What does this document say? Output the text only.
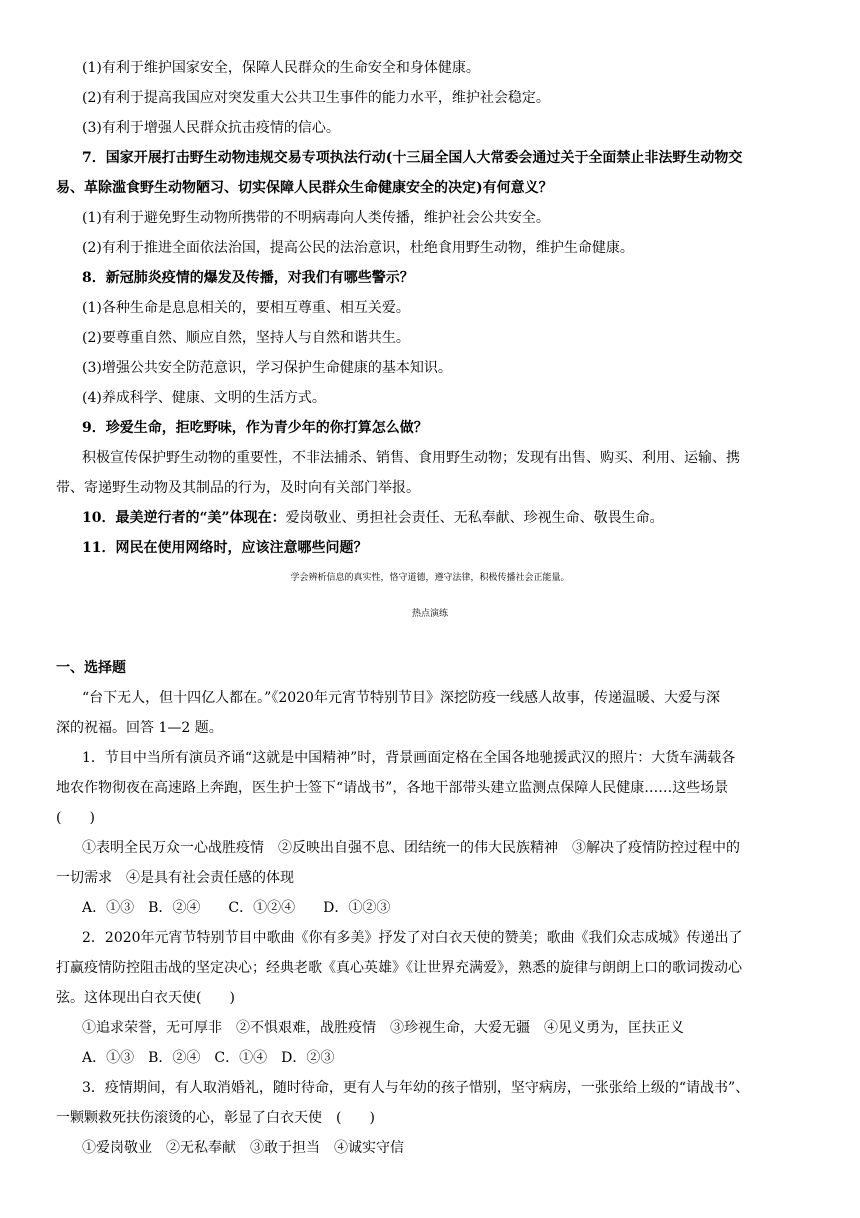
(1)有利于维护国家安全，保障人民群众的生命安全和身体健康。
(2)有利于提高我国应对突发重大公共卫生事件的能力水平，维护社会稳定。
(3)有利于增强人民群众抗击疫情的信心。
7．国家开展打击野生动物违规交易专项执法行动(十三届全国人大常委会通过关于全面禁止非法野生动物交
易、革除滥食野生动物陋习、切实保障人民群众生命健康安全的决定)有何意义？
(1)有利于避免野生动物所携带的不明病毒向人类传播，维护社会公共安全。
(2)有利于推进全面依法治国，提高公民的法治意识，杜绝食用野生动物，维护生命健康。
8．新冠肺炎疫情的爆发及传播，对我们有哪些警示？
(1)各种生命是息息相关的，要相互尊重、相互关爱。
(2)要尊重自然、顺应自然，坚持人与自然和谐共生。
(3)增强公共安全防范意识，学习保护生命健康的基本知识。
(4)养成科学、健康、文明的生活方式。
9．珍爱生命，拒吃野味，作为青少年的你打算怎么做？
积极宣传保护野生动物的重要性，不非法捕杀、销售、食用野生动物；发现有出售、购买、利用、运输、携
带、寄递野生动物及其制品的行为，及时向有关部门举报。
10．最美逆行者的“美”体现在：爱岗敬业、勇担社会责任、无私奉献、珍视生命、敬畏生命。
11．网民在使用网络时，应该注意哪些问题？
学会辨析信息的真实性，恪守道德，遵守法律，积极传播社会正能量。
热点演练
一、选择题
“台下无人，但十四亿人都在。”《2020年元宵节特别节目》深挖防疫一线感人故事，传递温暖、大爱与深
深的祝福。回答 1—2 题。
1．节目中当所有演员齐诵“这就是中国精神”时，背景画面定格在全国各地驰援武汉的照片：大货车满载各
地农作物彻夜在高速路上奔跑，医生护士签下“请战书”，各地干部带头建立监测点保障人民健康……这些场景
(　　)
①表明全民万众一心战胜疫情　②反映出自强不息、团结统一的伟大民族精神　③解决了疫情防控过程中的
一切需求　④是具有社会责任感的体现
A．①③　B．②④　　C．①②④　　D．①②③
2．2020年元宵节特别节目中歌曲《你有多美》抒发了对白衣天使的赞美；歌曲《我们众志成城》传递出了
打赢疫情防控阻击战的坚定决心；经典老歌《真心英雄》《让世界充满爱》，熟悉的旋律与朗朗上口的歌词拨动心
弦。这体现出白衣天使(　　)
①追求荣誉，无可厚非　②不惧艰难，战胜疫情　③珍视生命，大爱无疆　④见义勇为，匡扶正义
A．①③　B．②④　C．①④　D．②③
3．疫情期间，有人取消婚礼，随时待命，更有人与年幼的孩子惜别，坚守病房，一张张给上级的“请战书”、
一颗颗救死扶伤滚烫的心，彰显了白衣天使　(　　)
①爱岗敬业　②无私奉献　③敢于担当　④诚实守信
